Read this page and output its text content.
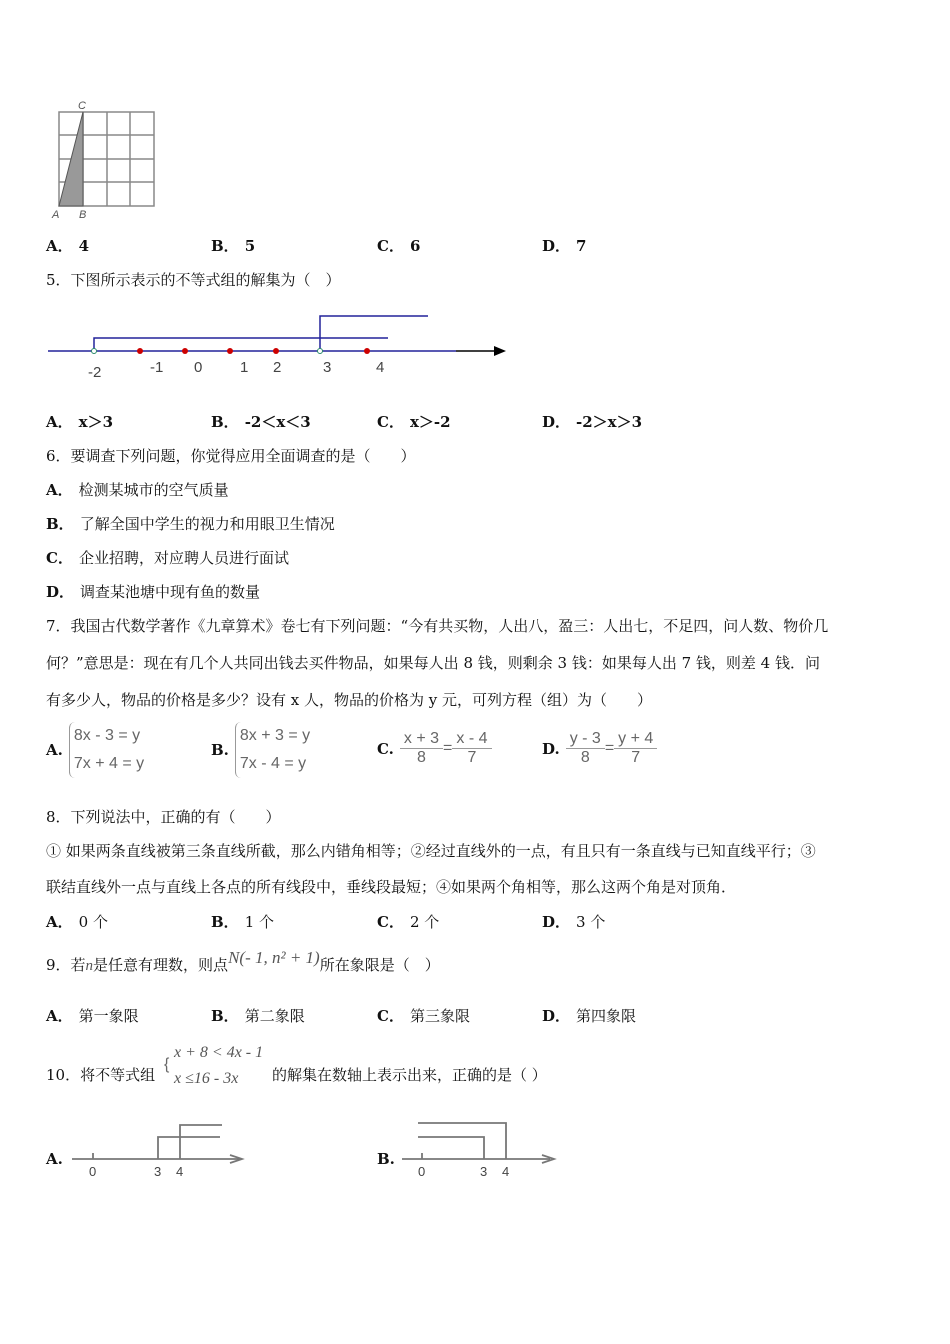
A B
C
A． 4	B． 5	C． 6	D． 7
5．下图所示表示的不等式组的解集为（　）
-2	-1 0	1 2	3	4
A． x＞3	B． -2＜x＜3	C． x＞-2	D． -2＞x＞3
6．要调查下列问题，你觉得应用全面调查的是（　　）
A． 检测某城市的空气质量
B． 了解全国中学生的视力和用眼卫生情况
C． 企业招聘，对应聘人员进行面试
D． 调查某池塘中现有鱼的数量
7．我国古代数学著作《九章算术》卷七有下列问题：“今有共买物，人出八，盈三：人出七，不足四，问人数、物价几
何？”意思是：现在有几个人共同出钱去买件物品，如果每人出 8 钱，则剩余 3 钱：如果每人出 7 钱，则差 4 钱．问
有多少人，物品的价格是多少？设有 x 人，物品的价格为 y 元，可列方程（组）为（　　）
A.8x - 3 = y
7x + 4 = y
B.8x + 3 = y
7x - 4 = y
C. $\frac{x + 3}{8} = \frac{x - 4}{7}$	D. $\frac{y - 3}{8} = \frac{y + 4}{7}$
8．下列说法中，正确的有（　　）
① 如果两条直线被第三条直线所截，那么内错角相等；②经过直线外的一点，有且只有一条直线与已知直线平行；③
联结直线外一点与直线上各点的所有线段中，垂线段最短；④如果两个角相等，那么这两个角是对顶角．
A． 0 个	B． 1 个	C． 2 个	D． 3 个
9．若n是任意有理数，则点N(- 1, n² + 1)所在象限是（　）
A． 第一象限	B． 第二象限	C． 第三象限	D． 第四象限
10．将不等式组
{
x + 8 < 4x - 1
x ≤16 - 3x	的解集在数轴上表示出来，正确的是（ ）
A.
0	3 4
B.
0	3 4
